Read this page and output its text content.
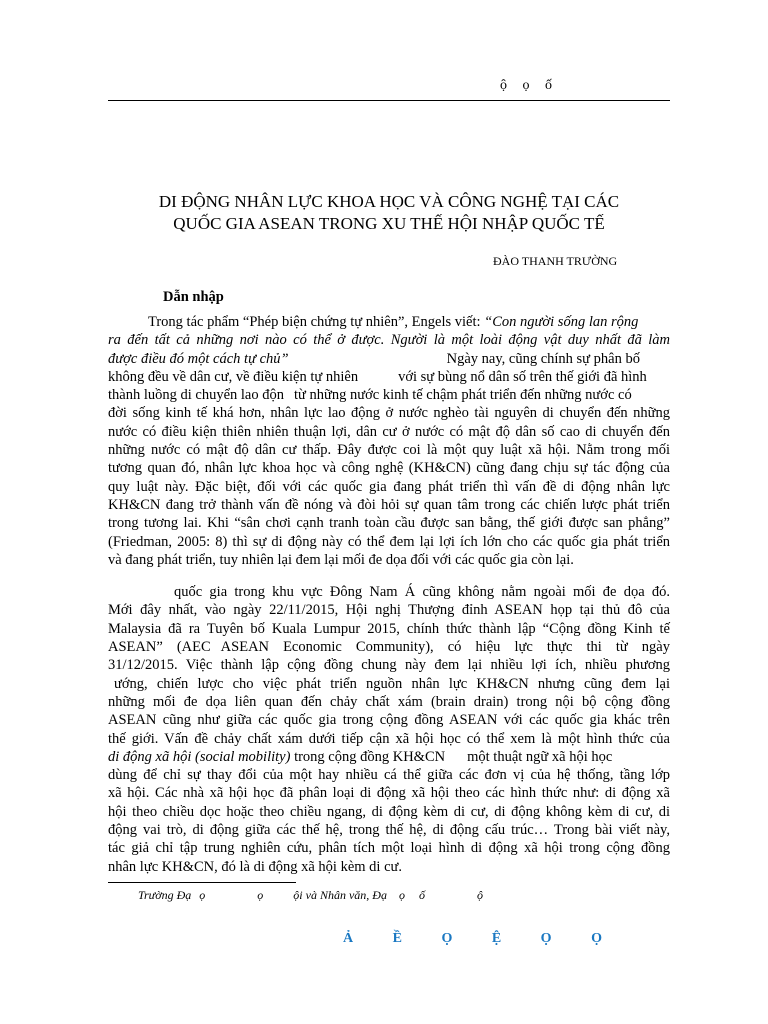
ộ ọ ố
DI ĐỘNG NHÂN LỰC KHOA HỌC VÀ CÔNG NGHỆ TẠI CÁC
QUỐC GIA ASEAN TRONG XU THẾ HỘI NHẬP QUỐC TẾ
ĐÀO THANH TRƯỜNG
Dẫn nhập
Trong tác phẩm “Phép biện chứng tự nhiên”, Engels viết: “Con người sống lan rộng
ra đến tất cả những nơi nào có thể ở được. Người là một loài động vật duy nhất đã làm
được điều đó một cách tự chủ”	Ngày nay, cũng chính sự phân bố
không đều về dân cư, về điều kiện tự nhiên	với sự bùng nổ dân số trên thế giới đã hình
thành luồng di chuyển lao độn từ những nước kinh tế chậm phát triển đến những nước có
đời sống kinh tế khá hơn, nhân lực lao động ở nước nghèo tài nguyên di chuyển đến những
nước có điều kiện thiên nhiên thuận lợi, dân cư ở nước có mật độ dân số cao di chuyển đến
những nước có mật độ dân cư thấp. Đây được coi là một quy luật xã hội. Nằm trong mối
tương quan đó, nhân lực khoa học và công nghệ (KH&CN) cũng đang chịu sự tác động của
quy luật này. Đặc biệt, đối với các quốc gia đang phát triển thì vấn đề di động nhân lực
KH&CN đang trở thành vấn đề nóng và đòi hỏi sự quan tâm trong các chiến lược phát triển
trong tương lai. Khi “sân chơi cạnh tranh toàn cầu được san bằng, thế giới được san phẳng”
(Friedman, 2005: 8) thì sự di động này có thể đem lại lợi ích lớn cho các quốc gia phát triển
và đang phát triển, tuy nhiên lại đem lại mối đe dọa đối với các quốc gia còn lại.
quốc gia trong khu vực Đông Nam Á cũng không nằm ngoài mối đe dọa đó.
Mới đây nhất, vào ngày 22/11/2015, Hội nghị Thượng đỉnh ASEAN họp tại thủ đô của
Malaysia đã ra Tuyên bố Kuala Lumpur 2015, chính thức thành lập “Cộng đồng Kinh tế
ASEAN” (AEC ASEAN Economic Community), có hiệu lực thực thi từ ngày
31/12/2015. Việc thành lập cộng đồng chung này đem lại nhiều lợi ích, nhiều phương
ướng, chiến lược cho việc phát triển nguồn nhân lực KH&CN nhưng cũng đem lại
những mối đe dọa liên quan đến chảy chất xám (brain drain) trong nội bộ cộng đồng
ASEAN cũng như giữa các quốc gia trong cộng đồng ASEAN với các quốc gia khác trên
thế giới. Vấn đề chảy chất xám dưới tiếp cận xã hội học có thể xem là một hình thức của
di động xã hội (social mobility) trong cộng đồng KH&CN một thuật ngữ xã hội học
dùng để chỉ sự thay đổi của một hay nhiều cá thể giữa các đơn vị của hệ thống, tầng lớp
xã hội. Các nhà xã hội học đã phân loại di động xã hội theo các hình thức như: di động xã
hội theo chiều dọc hoặc theo chiều ngang, di động kèm di cư, di động không kèm di cư, di
động vai trò, di động giữa các thế hệ, trong thế hệ, di động cấu trúc… Trong bài viết này,
tác giả chỉ tập trung nghiên cứu, phân tích một loại hình di động xã hội trong cộng đồng
nhân lực KH&CN, đó là di động xã hội kèm di cư.
Trường Đạ ọ	ọ	ội và Nhân văn, Đạ ọ ố	ộ
Ả Ề Ọ Ệ Ọ Ọ
